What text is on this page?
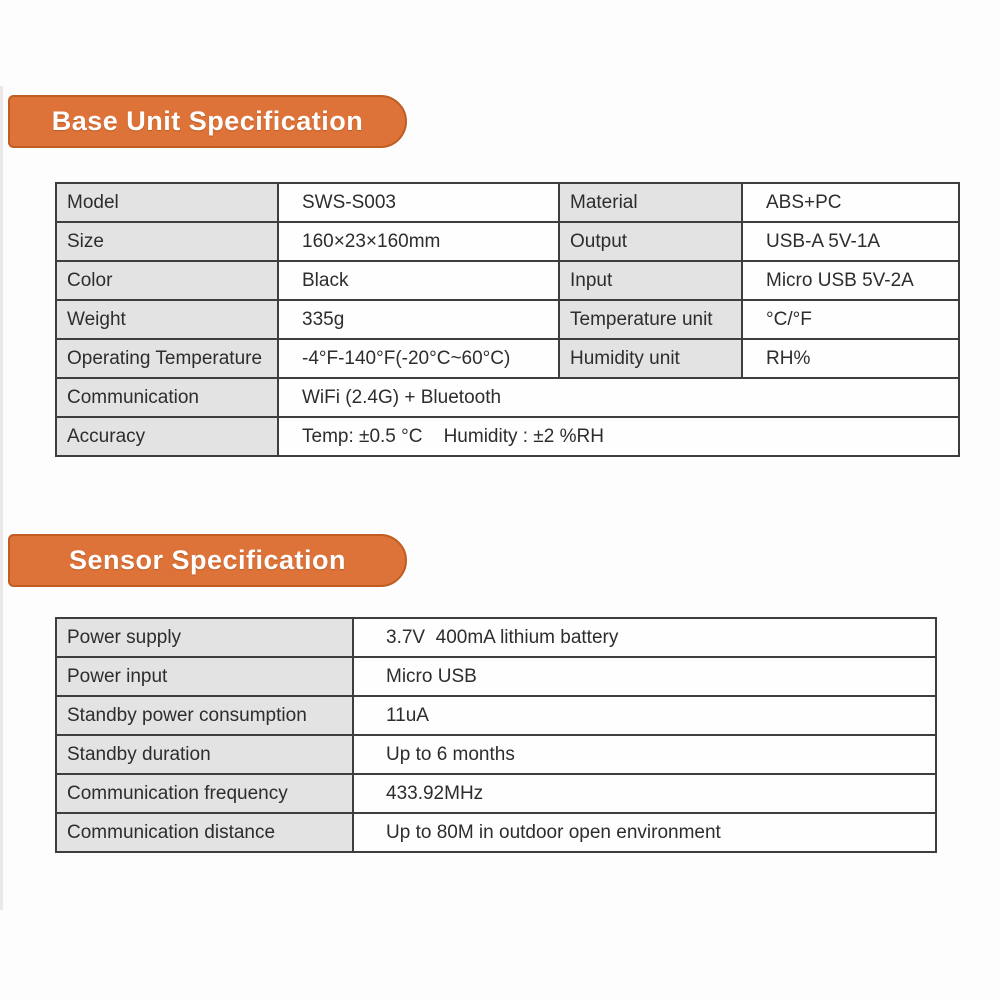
Base Unit Specification
Model	SWS-S003	Material	ABS+PC
Size	160×23×160mm	Output	USB-A 5V-1A
Color	Black	Input	Micro USB 5V-2A
Weight	335g	Temperature unit	°C/°F
Operating Temperature	-4°F-140°F(-20°C~60°C)	Humidity unit	RH%
Communication	WiFi (2.4G) + Bluetooth		
Accuracy	Temp: ±0.5 °C    Humidity : ±2 %RH		
Sensor Specification
Power supply	3.7V  400mA lithium battery
Power input	Micro USB
Standby power consumption	11uA
Standby duration	Up to 6 months
Communication frequency	433.92MHz
Communication distance	Up to 80M in outdoor open environment
